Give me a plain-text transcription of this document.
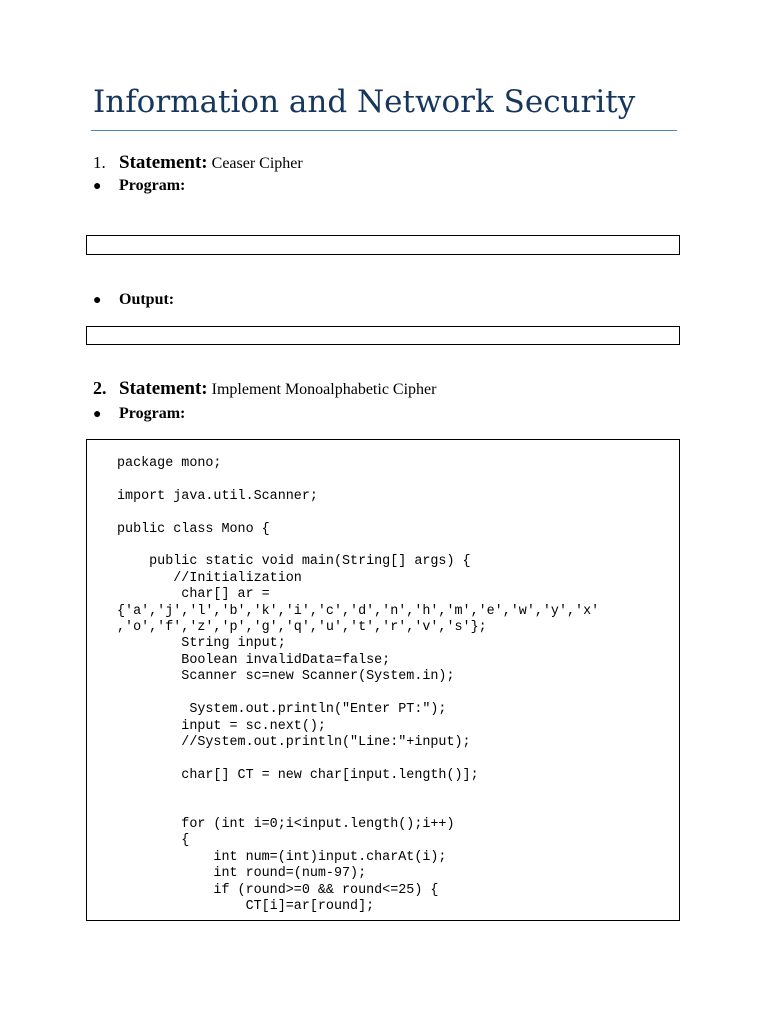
Information and Network Security
1. Statement: Ceaser Cipher
● Program:
● Output:
2. Statement: Implement Monoalphabetic Cipher
● Program:
package mono;

import java.util.Scanner;

public class Mono {

public static void main(String[] args) {
//Initialization
char[] ar =
{'a','j','l','b','k','i','c','d','n','h','m','e','w','y','x'
,'o','f','z','p','g','q','u','t','r','v','s'};
String input;
Boolean invalidData=false;
Scanner sc=new Scanner(System.in);

System.out.println("Enter PT:");
input = sc.next();
//System.out.println("Line:"+input);

char[] CT = new char[input.length()];

for (int i=0;i<input.length();i++)
{
int num=(int)input.charAt(i);
int round=(num-97);
if (round>=0 && round<=25) {
CT[i]=ar[round];
